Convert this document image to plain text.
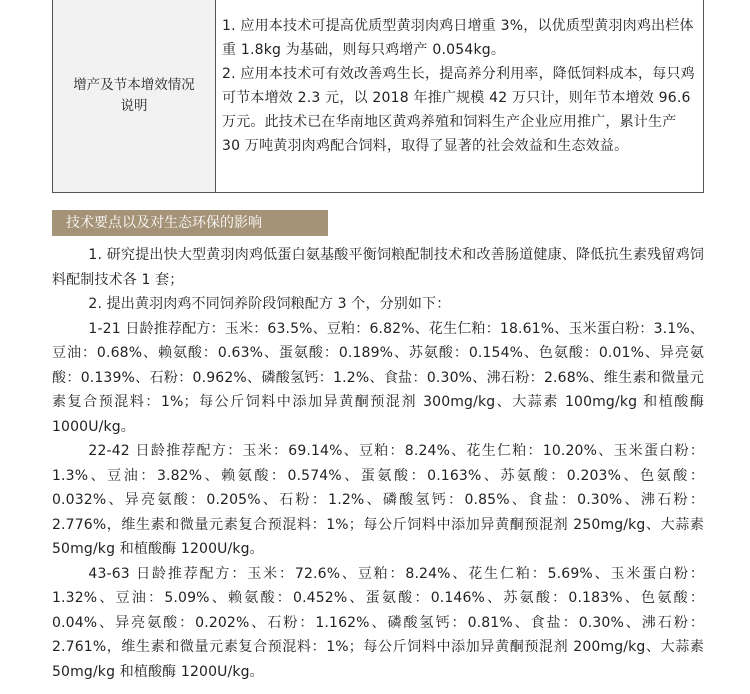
增产及节本增效情况
说明

1. 应用本技术可提高优质型黄羽肉鸡日增重 3%，以优质型黄羽肉鸡出栏体重 1.8kg 为基础，则每只鸡增产 0.054kg。

2. 应用本技术可有效改善鸡生长，提高养分利用率，降低饲料成本，每只鸡可节本增效 2.3 元，以 2018 年推广规模 42 万只计，则年节本增效 96.6 万元。此技术已在华南地区黄鸡养殖和饲料生产企业应用推广，累计生产 30 万吨黄羽肉鸡配合饲料，取得了显著的社会效益和生态效益。

技术要点以及对生态环保的影响

1. 研究提出快大型黄羽肉鸡低蛋白氨基酸平衡饲粮配制技术和改善肠道健康、降低抗生素残留鸡饲料配制技术各 1 套；

2. 提出黄羽肉鸡不同饲养阶段饲粮配方 3 个，分别如下：

1-21 日龄推荐配方：玉米：63.5%、豆粕：6.82%、花生仁粕：18.61%、玉米蛋白粉：3.1%、豆油：0.68%、赖氨酸：0.63%、蛋氨酸：0.189%、苏氨酸：0.154%、色氨酸：0.01%、异亮氨酸：0.139%、石粉：0.962%、磷酸氢钙：1.2%、食盐：0.30%、沸石粉：2.68%、维生素和微量元素复合预混料：1%；每公斤饲料中添加异黄酮预混剂 300mg/kg、大蒜素 100mg/kg 和植酸酶 1000U/kg。

22-42 日龄推荐配方：玉米：69.14%、豆粕：8.24%、花生仁粕：10.20%、玉米蛋白粉：1.3%、豆油：3.82%、赖氨酸：0.574%、蛋氨酸：0.163%、苏氨酸：0.203%、色氨酸：0.032%、异亮氨酸：0.205%、石粉：1.2%、磷酸氢钙：0.85%、食盐：0.30%、沸石粉：2.776%，维生素和微量元素复合预混料：1%；每公斤饲料中添加异黄酮预混剂 250mg/kg、大蒜素 50mg/kg 和植酸酶 1200U/kg。

43-63 日龄推荐配方：玉米：72.6%、豆粕：8.24%、花生仁粕：5.69%、玉米蛋白粉：1.32%、豆油：5.09%、赖氨酸：0.452%、蛋氨酸：0.146%、苏氨酸：0.183%、色氨酸：0.04%、异亮氨酸：0.202%、石粉：1.162%、磷酸氢钙：0.81%、食盐：0.30%、沸石粉：2.761%，维生素和微量元素复合预混料：1%；每公斤饲料中添加异黄酮预混剂 200mg/kg、大蒜素 50mg/kg 和植酸酶 1200U/kg。
